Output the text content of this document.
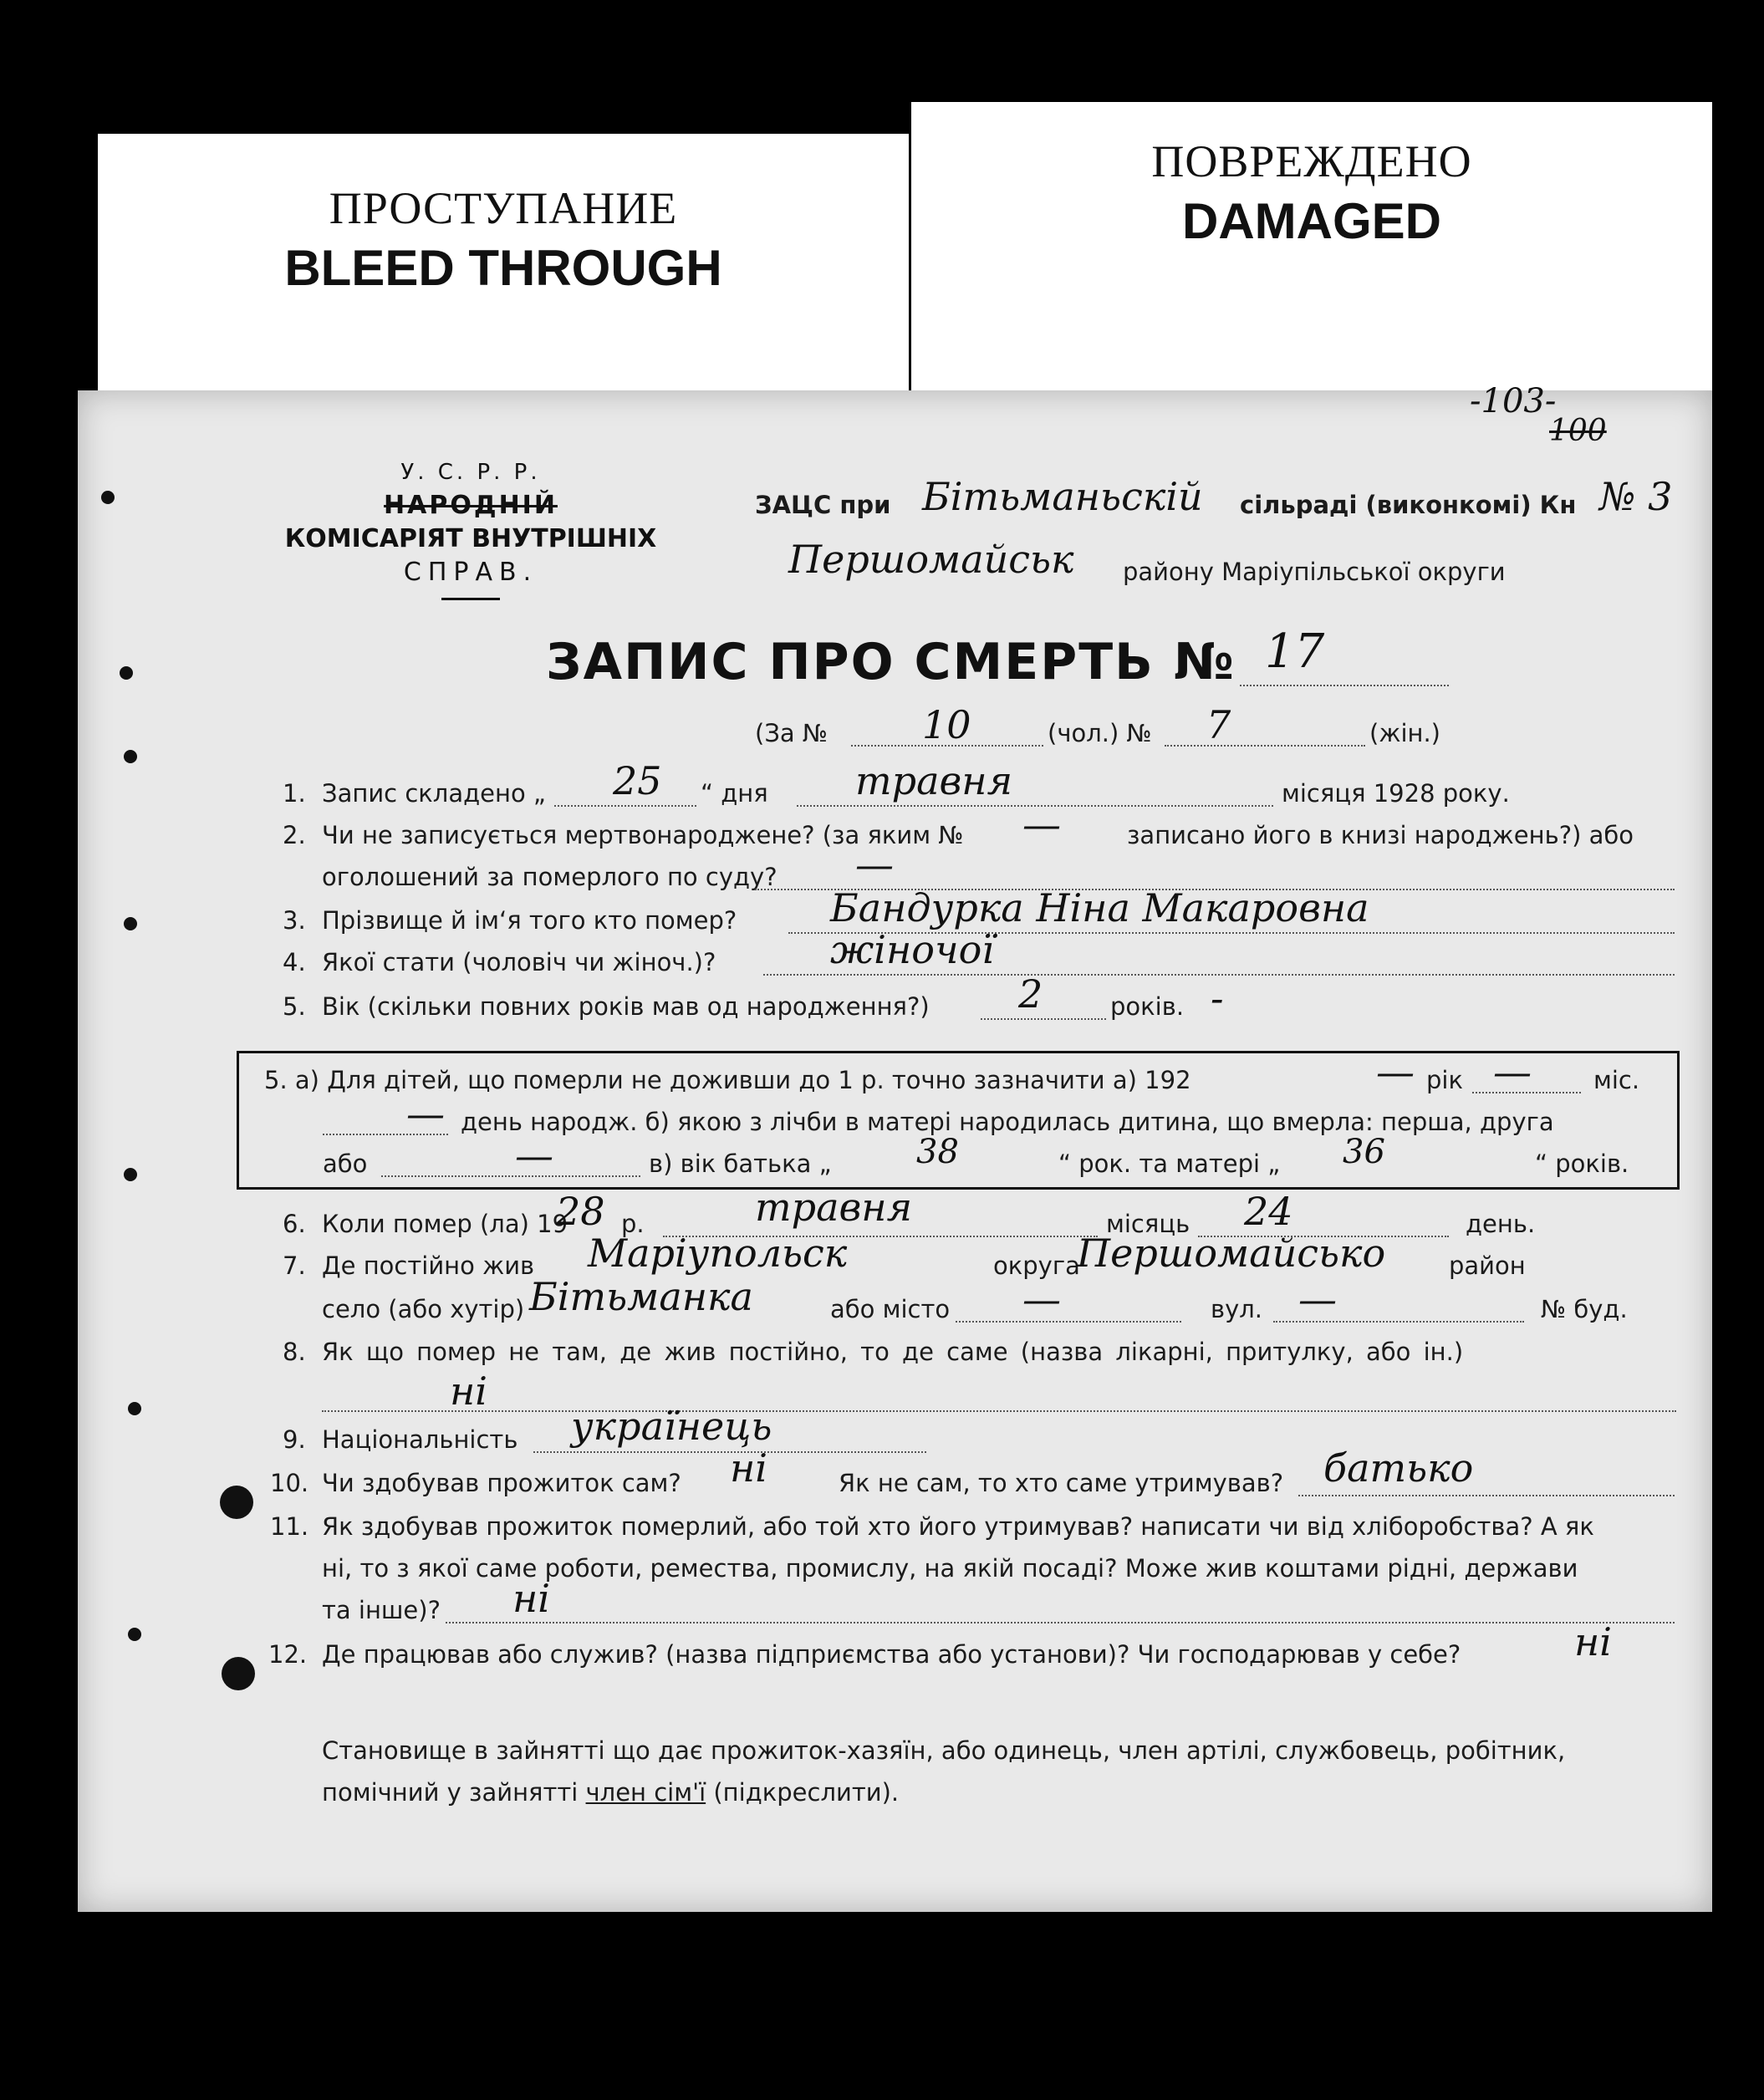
ПРОСТУПАНИЕ
BLEED THROUGH
ПОВРЕЖДЕНО
DAMAGED
-103-
100
У. С. Р. Р.
НАРОДНІЙ
КОМІСАРІЯТ ВНУТРІШНІХ
СПРАВ.
ЗАЦС при Бітьманьскій сільраді (виконкомі) Кн № 3
Першомайськ району Маріупільської округи
ЗАПИС ПРО СМЕРТЬ № 17
(За № 10	(чол.) № 7	(жін.)
1. Запис складено „ 25 “ дня травня	місяця 1928 року.
2. Чи не записується мертвонароджене? (за яким № —	записано його в книзі народжень?) або
оголошений за померлого по суду? —
3. Прізвище й ім‘я того кто помер? Бандурка Ніна Макаровна
4. Якої стати (чоловіч чи жіноч.)?	жіночої
5. Вік (скільки повних років мав од народження?) 2	років. -
5. а) Для дітей, що померли не доживши до 1 р. точно зазначити а) 192	— рік —	міс.
— день народж. б) якою з лічби в матері народилась дитина, що вмерла: перша, друга
або	—	в) вік батька „	38	“ рок. та матері „ 36	“ років.
6. Коли помер (ла) 19
28 р.	травня	місяць 24	день.
7. Де постійно жив Маріупольск	округа
Першомайсько	район
село (або хутір) Бітьманка	або місто —	вул. —	№ буд.
8. Як що помер не там, де жив постійно, то де саме (назва лікарні, притулку, або ін.)
ні
9. Національність українець
10. Чи здобував прожиток сам? ні	Як не сам, то хто саме утримував? батько
11. Як здобував прожиток померлий, або той хто його утримував? написати чи від хліборобства? А як
ні, то з якої саме роботи, ремества, промислу, на якій посаді? Може жив коштами рідні, держави
та інше)? ні
12. Де працював або служив? (назва підприємства або установи)? Чи господарював у себе?	ні
Становище в зайнятті що дає прожиток-хазяїн, або одинець, член артілі, службовець, робітник,
помічний у зайнятті член сім'ї (підкреслити).
